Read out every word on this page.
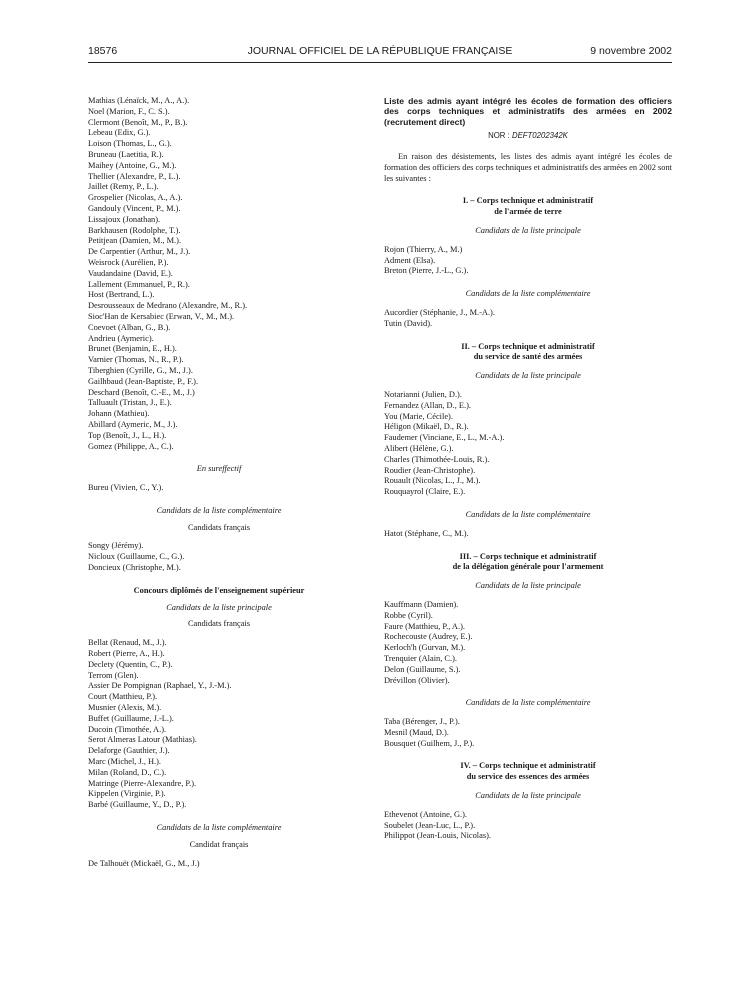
18576	JOURNAL OFFICIEL DE LA RÉPUBLIQUE FRANÇAISE	9 novembre 2002
Mathias (Lénaïck, M., A., A.).
Noel (Marion, F., C. S.).
Clermont (Benoît, M., P., B.).
Lebeau (Edix, G.).
Loison (Thomas, L., G.).
Bruneau (Laetitia, R.).
Maihey (Antoine, G., M.).
Thellier (Alexandre, P., L.).
Jaillet (Remy, P., L.).
Grospelier (Nicolas, A., A.).
Gandouly (Vincent, P., M.).
Lissajoux (Jonathan).
Barkhausen (Rodolphe, T.).
Petitjean (Damien, M., M.).
De Carpentier (Arthur, M., J.).
Weisrock (Aurélien, P.).
Vaudandaine (David, E.).
Lallement (Emmanuel, P., R.).
Host (Bertrand, L.).
Desrousseaux de Medrano (Alexandre, M., R.).
Sioc'Han de Kersabiec (Erwan, V., M., M.).
Coevoet (Alban, G., B.).
Andrieu (Aymeric).
Brunet (Benjamin, E., H.).
Varnier (Thomas, N., R., P.).
Tiberghien (Cyrille, G., M., J.).
Gailhbaud (Jean-Baptiste, P., F.).
Deschard (Benoît, C.-E., M., J.)
Talluault (Tristan, J., E.).
Johann (Mathieu).
Abillard (Aymeric, M., J.).
Top (Benoît, J., L., H.).
Gomez (Philippe, A., C.).
En sureffectif
Bureu (Vivien, C., Y.).
Candidats de la liste complémentaire
Candidats français
Songy (Jérémy).
Nicloux (Guillaume, C., G.).
Doncieux (Christophe, M.).
Concours diplômés de l'enseignement supérieur
Candidats de la liste principale
Candidats français
Bellat (Renaud, M., J.).
Robert (Pierre, A., H.).
Declety (Quentin, C., P.).
Terrom (Glen).
Assier De Pompignan (Raphael, Y., J.-M.).
Court (Matthieu, P.).
Musnier (Alexis, M.).
Buffet (Guillaume, J.-L.).
Ducoin (Timothée, A.).
Serot Almeras Latour (Mathias).
Delaforge (Gauthier, J.).
Marc (Michel, J., H.).
Milan (Roland, D., C.).
Matringe (Pierre-Alexandre, P.).
Kippelen (Virginie, P.).
Barbé (Guillaume, Y., D., P.).
Candidats de la liste complémentaire
Candidat français
De Talhouët (Mickaël, G., M., J.)
Liste des admis ayant intégré les écoles de formation des officiers des corps techniques et administratifs des armées en 2002 (recrutement direct)
NOR : DEFT0202342K
En raison des désistements, les listes des admis ayant intégré les écoles de formation des officiers des corps techniques et administratifs des armées en 2002 sont les suivantes :
I. – Corps technique et administratif
de l'armée de terre
Candidats de la liste principale
Rojon (Thierry, A., M.)
Adment (Elsa).
Breton (Pierre, J.-L., G.).
Candidats de la liste complémentaire
Aucordier (Stéphanie, J., M.-A.).
Tutin (David).
II. – Corps technique et administratif
du service de santé des armées
Candidats de la liste principale
Notarianni (Julien, D.).
Fernandez (Allan, D., E.).
You (Marie, Cécile).
Héligon (Mikaël, D., R.).
Faudemer (Vinciane, E., L., M.-A.).
Alibert (Hélène, G.).
Charles (Thimothée-Louis, R.).
Roudier (Jean-Christophe).
Rouault (Nicolas, L., J., M.).
Rouquayrol (Claire, E.).
Candidats de la liste complémentaire
Hatot (Stéphane, C., M.).
III. – Corps technique et administratif
de la délégation générale pour l'armement
Candidats de la liste principale
Kauffmann (Damien).
Robbe (Cyril).
Faure (Matthieu, P., A.).
Rochecouste (Audrey, E.).
Kerloch'h (Gurvan, M.).
Trenquier (Alain, C.).
Delon (Guillaume, S.).
Drévillon (Olivier).
Candidats de la liste complémentaire
Taba (Bérenger, J., P.).
Mesnil (Maud, D.).
Bousquet (Guilhem, J., P.).
IV. – Corps technique et administratif
du service des essences des armées
Candidats de la liste principale
Ethevenot (Antoine, G.).
Soubelet (Jean-Luc, L., P.).
Philippot (Jean-Louis, Nicolas).
